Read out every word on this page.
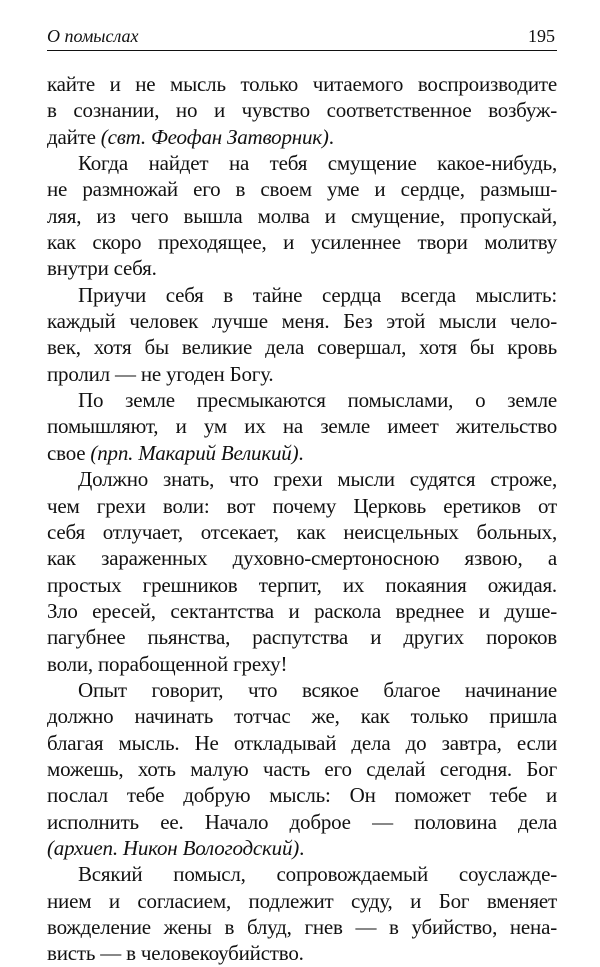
О помыслах	195
кайте и не мысль только читаемого воспроизводите
в сознании, но и чувство соответственное возбуж-
дайте (свт. Феофан Затворник).
Когда найдет на тебя смущение какое-нибудь,
не размножай его в своем уме и сердце, размыш-
ляя, из чего вышла молва и смущение, пропускай,
как скоро преходящее, и усиленнее твори молитву
внутри себя.
Приучи себя в тайне сердца всегда мыслить:
каждый человек лучше меня. Без этой мысли чело-
век, хотя бы великие дела совершал, хотя бы кровь
пролил — не угоден Богу.
По земле пресмыкаются помыслами, о земле
помышляют, и ум их на земле имеет жительство
свое (прп. Макарий Великий).
Должно знать, что грехи мысли судятся строже,
чем грехи воли: вот почему Церковь еретиков от
себя отлучает, отсекает, как неисцельных больных,
как зараженных духовно-смертоносною язвою, а
простых грешников терпит, их покаяния ожидая.
Зло ересей, сектантства и раскола вреднее и душе-
пагубнее пьянства, распутства и других пороков
воли, порабощенной греху!
Опыт говорит, что всякое благое начинание
должно начинать тотчас же, как только пришла
благая мысль. Не откладывай дела до завтра, если
можешь, хоть малую часть его сделай сегодня. Бог
послал тебе добрую мысль: Он поможет тебе и
исполнить ее. Начало доброе — половина дела
(архиеп. Никон Вологодский).
Всякий помысл, сопровождаемый соуслажде-
нием и согласием, подлежит суду, и Бог вменяет
вожделение жены в блуд, гнев — в убийство, нена-
висть — в человекоубийство.
